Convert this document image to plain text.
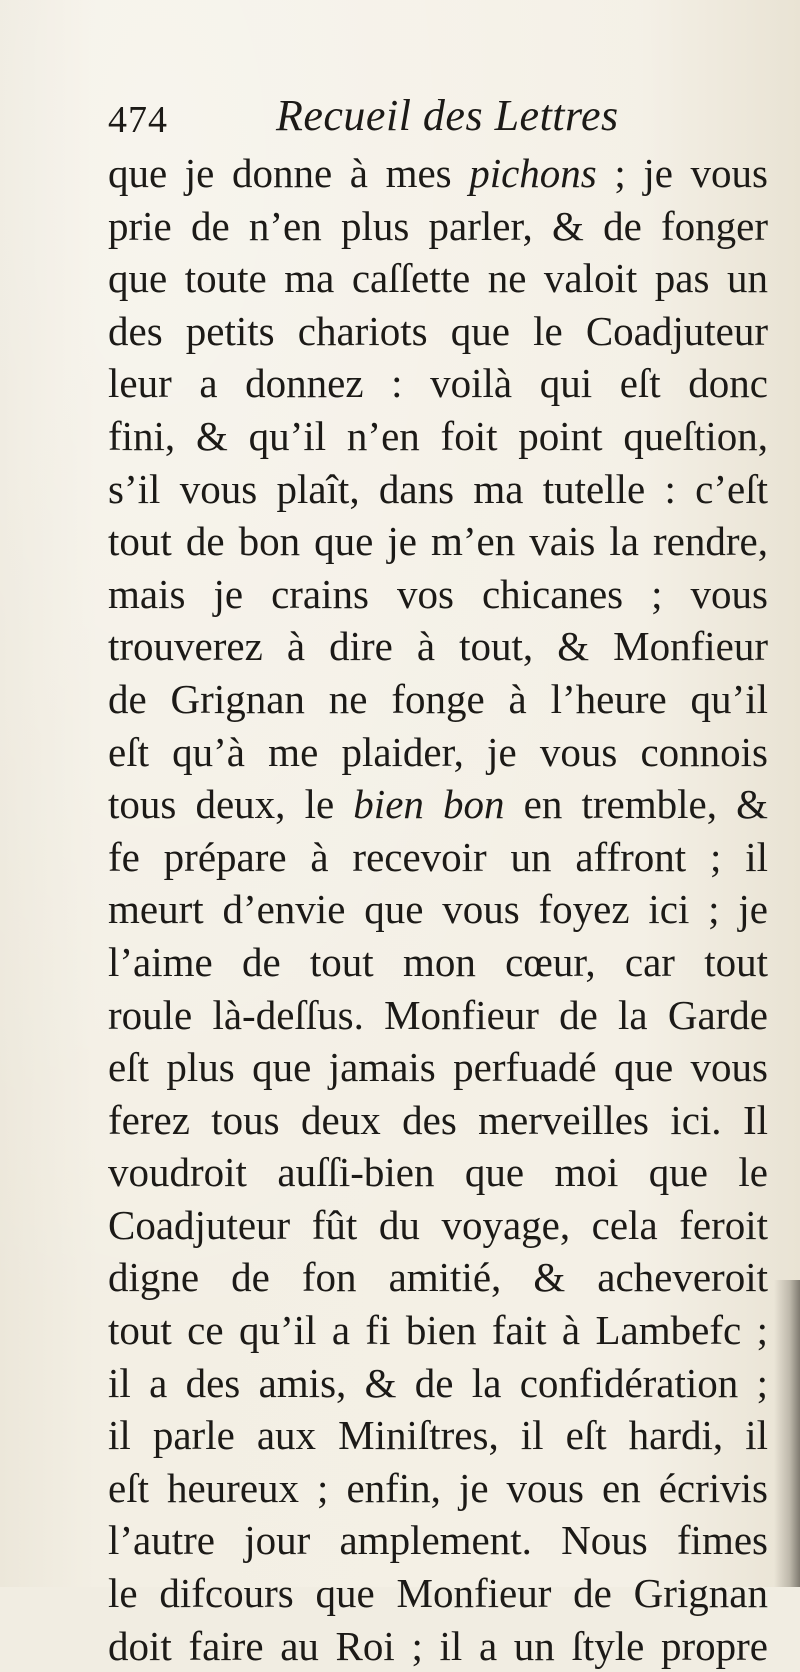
474 Recueil des Lettres
que je donne à mes pichons ; je vous
prie de n’en plus parler, & de fonger
que toute ma caſſette ne valoit pas un
des petits chariots que le Coadjuteur
leur a donnez : voilà qui eſt donc
fini, & qu’il n’en foit point queſtion,
s’il vous plaît, dans ma tutelle : c’eſt
tout de bon que je m’en vais la rendre,
mais je crains vos chicanes ; vous
trouverez à dire à tout, & Monfieur
de Grignan ne fonge à l’heure qu’il
eſt qu’à me plaider, je vous connois
tous deux, le bien bon en tremble, &
fe prépare à recevoir un affront ; il
meurt d’envie que vous foyez ici ; je
l’aime de tout mon cœur, car tout
roule là-deſſus. Monfieur de la Garde
eſt plus que jamais perfuadé que vous
ferez tous deux des merveilles ici. Il
voudroit auſſi-bien que moi que le
Coadjuteur fût du voyage, cela feroit
digne de fon amitié, & acheveroit
tout ce qu’il a fi bien fait à Lambefc ;
il a des amis, & de la confidération ;
il parle aux Miniſtres, il eſt hardi, il
eſt heureux ; enfin, je vous en écrivis
l’autre jour amplement. Nous fimes
le difcours que Monfieur de Grignan
doit faire au Roi ; il a un ſtyle propre
